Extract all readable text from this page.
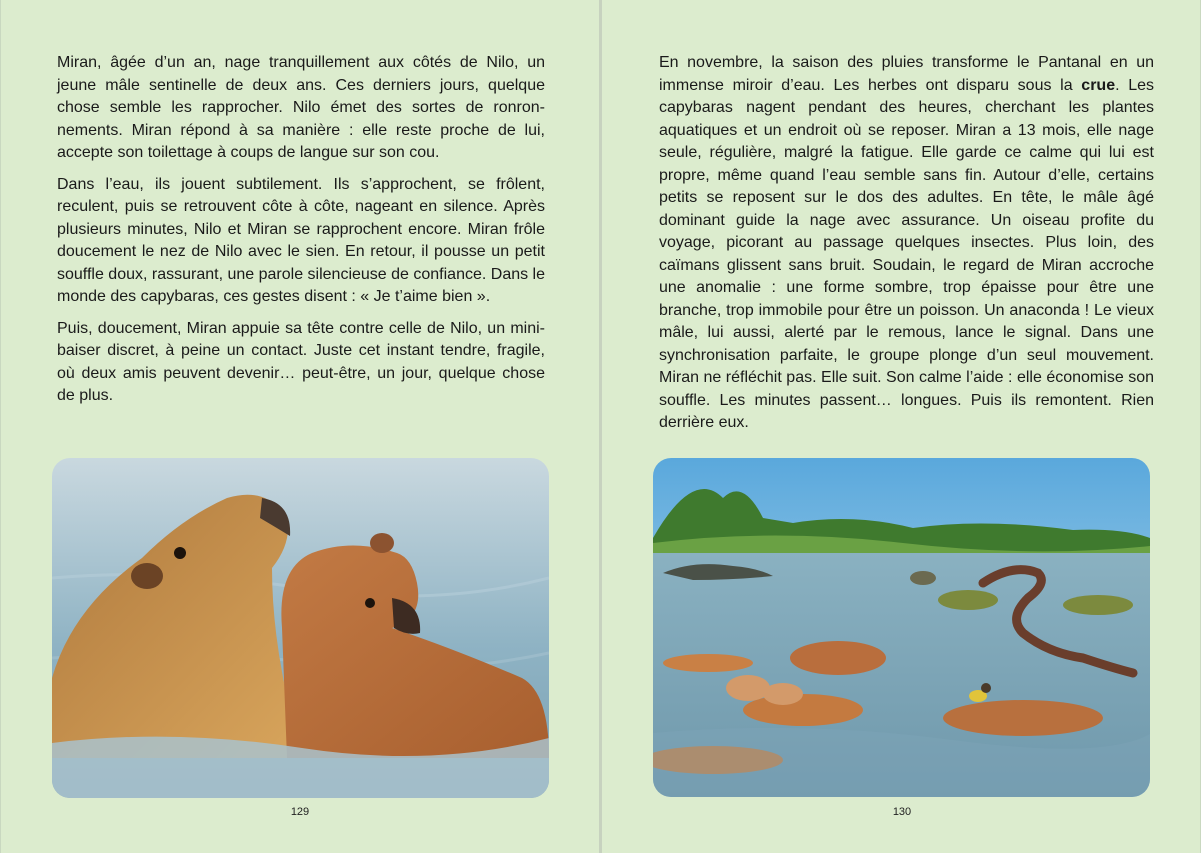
Miran, âgée d’un an, nage tranquillement aux côtés de Nilo, un jeune mâle sentinelle de deux ans. Ces derniers jours, quelque chose semble les rapprocher. Nilo émet des sortes de ronronnements. Miran répond à sa manière : elle reste proche de lui, accepte son toilettage à coups de langue sur son cou.

Dans l’eau, ils jouent subtilement. Ils s’approchent, se frôlent, reculent, puis se retrouvent côte à côte, nageant en silence. Après plusieurs minutes, Nilo et Miran se rapprochent encore. Miran frôle doucement le nez de Nilo avec le sien. En retour, il pousse un petit souffle doux, rassurant, une parole silencieuse de confiance. Dans le monde des capybaras, ces gestes disent : « Je t’aime bien ».

Puis, doucement, Miran appuie sa tête contre celle de Nilo, un mini-baiser discret, à peine un contact. Juste cet instant tendre, fragile, où deux amis peuvent devenir… peut-être, un jour, quelque chose de plus.

129

En novembre, la saison des pluies transforme le Pantanal en un immense miroir d’eau. Les herbes ont disparu sous la crue. Les capybaras nagent pendant des heures, cherchant les plantes aquatiques et un endroit où se reposer. Miran a 13 mois, elle nage seule, régulière, malgré la fatigue. Elle garde ce calme qui lui est propre, même quand l’eau semble sans fin. Autour d’elle, certains petits se reposent sur le dos des adultes. En tête, le mâle âgé dominant guide la nage avec assurance. Un oiseau profite du voyage, picorant au passage quelques insectes. Plus loin, des caïmans glissent sans bruit. Soudain, le regard de Miran accroche une anomalie : une forme sombre, trop épaisse pour être une branche, trop immobile pour être un poisson. Un anaconda ! Le vieux mâle, lui aussi, alerté par le remous, lance le signal. Dans une synchronisation parfaite, le groupe plonge d’un seul mouvement. Miran ne réfléchit pas. Elle suit. Son calme l’aide : elle économise son souffle. Les minutes passent… longues. Puis ils remontent. Rien derrière eux.

130
